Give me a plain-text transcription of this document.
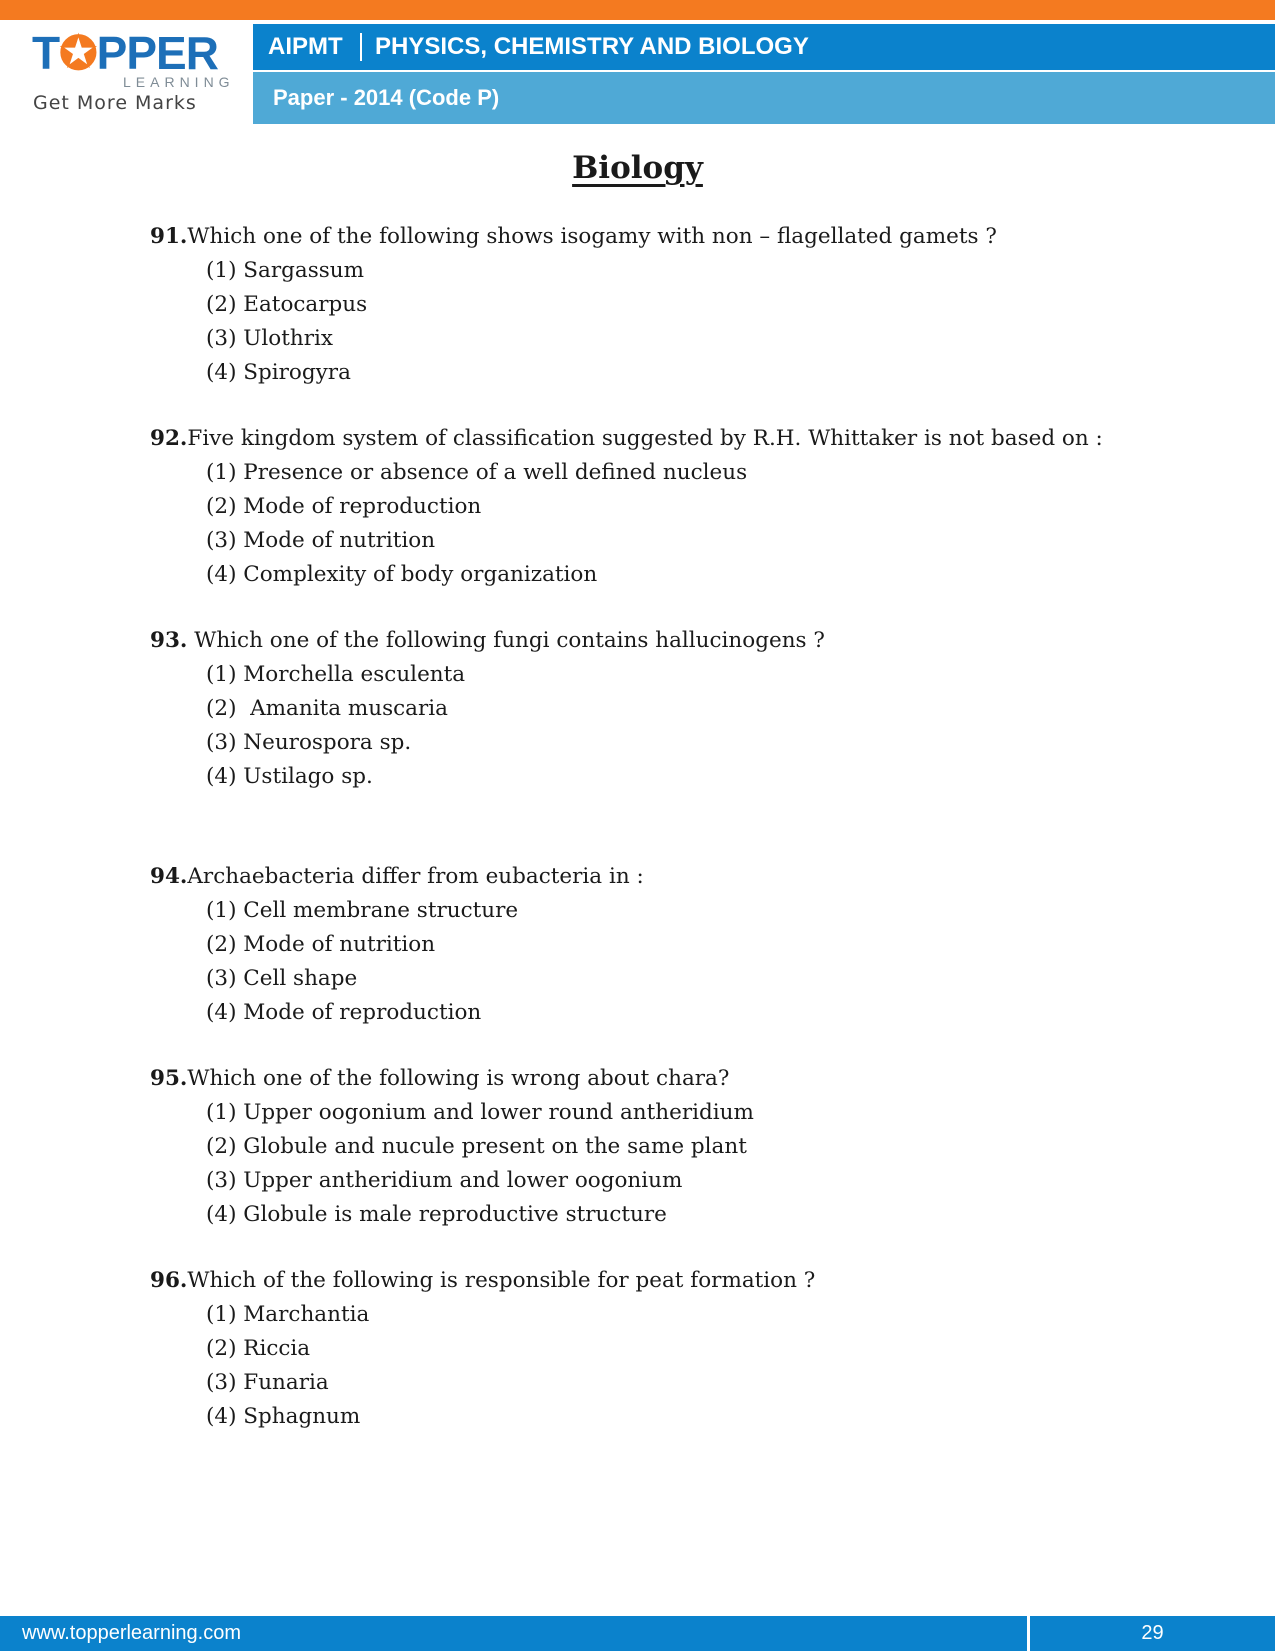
T✪PPER
LEARNING
Get More Marks
AIPMT PHYSICS, CHEMISTRY AND BIOLOGY
Paper - 2014 (Code P)
Biology
91.Which one of the following shows isogamy with non – flagellated gamets ?
(1) Sargassum
(2) Eatocarpus
(3) Ulothrix
(4) Spirogyra
92.Five kingdom system of classification suggested by R.H. Whittaker is not based on :
(1) Presence or absence of a well defined nucleus
(2) Mode of reproduction
(3) Mode of nutrition
(4) Complexity of body organization
93. Which one of the following fungi contains hallucinogens ?
(1) Morchella esculenta
(2)  Amanita muscaria
(3) Neurospora sp.
(4) Ustilago sp.
94.Archaebacteria differ from eubacteria in :
(1) Cell membrane structure
(2) Mode of nutrition
(3) Cell shape
(4) Mode of reproduction
95.Which one of the following is wrong about chara?
(1) Upper oogonium and lower round antheridium
(2) Globule and nucule present on the same plant
(3) Upper antheridium and lower oogonium
(4) Globule is male reproductive structure
96.Which of the following is responsible for peat formation ?
(1) Marchantia
(2) Riccia
(3) Funaria
(4) Sphagnum
www.topperlearning.com	29
